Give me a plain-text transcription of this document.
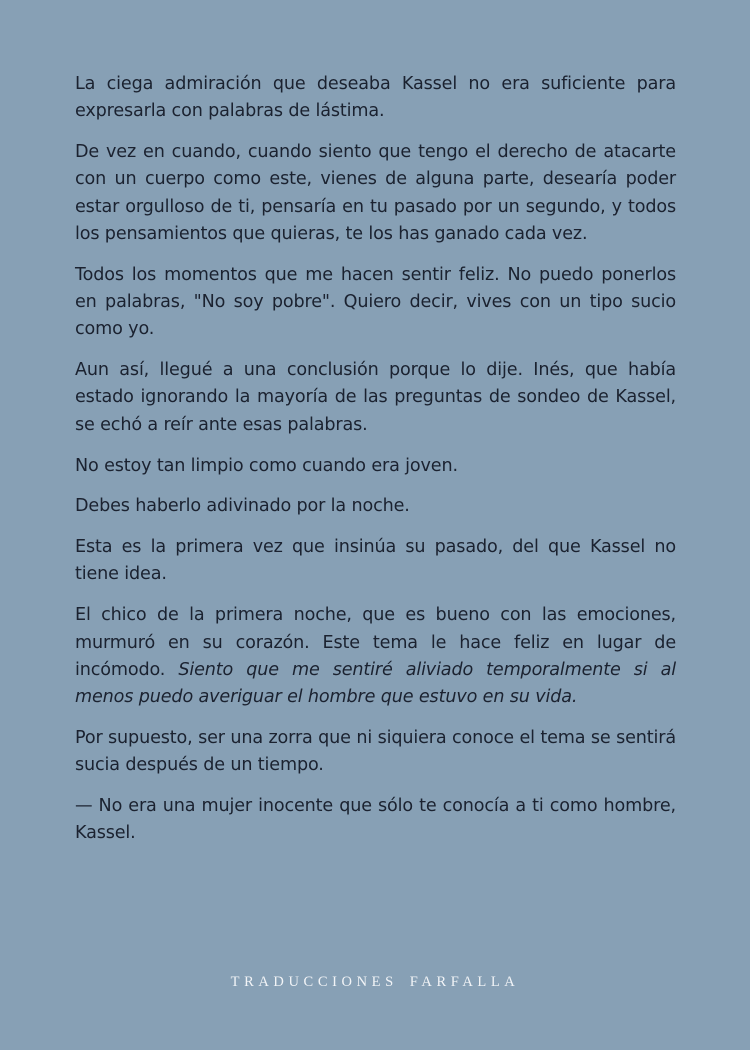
La ciega admiración que deseaba Kassel no era suficiente para expresarla con palabras de lástima.

De vez en cuando, cuando siento que tengo el derecho de atacarte con un cuerpo como este, vienes de alguna parte, desearía poder estar orgulloso de ti, pensaría en tu pasado por un segundo, y todos los pensamientos que quieras, te los has ganado cada vez.

Todos los momentos que me hacen sentir feliz. No puedo ponerlos en palabras, "No soy pobre". Quiero decir, vives con un tipo sucio como yo.

Aun así, llegué a una conclusión porque lo dije. Inés, que había estado ignorando la mayoría de las preguntas de sondeo de Kassel, se echó a reír ante esas palabras.

No estoy tan limpio como cuando era joven.

Debes haberlo adivinado por la noche.

Esta es la primera vez que insinúa su pasado, del que Kassel no tiene idea.

El chico de la primera noche, que es bueno con las emociones, murmuró en su corazón. Este tema le hace feliz en lugar de incómodo. Siento que me sentiré aliviado temporalmente si al menos puedo averiguar el hombre que estuvo en su vida.

Por supuesto, ser una zorra que ni siquiera conoce el tema se sentirá sucia después de un tiempo.

— No era una mujer inocente que sólo te conocía a ti como hombre, Kassel.

TRADUCCIONES FARFALLA
